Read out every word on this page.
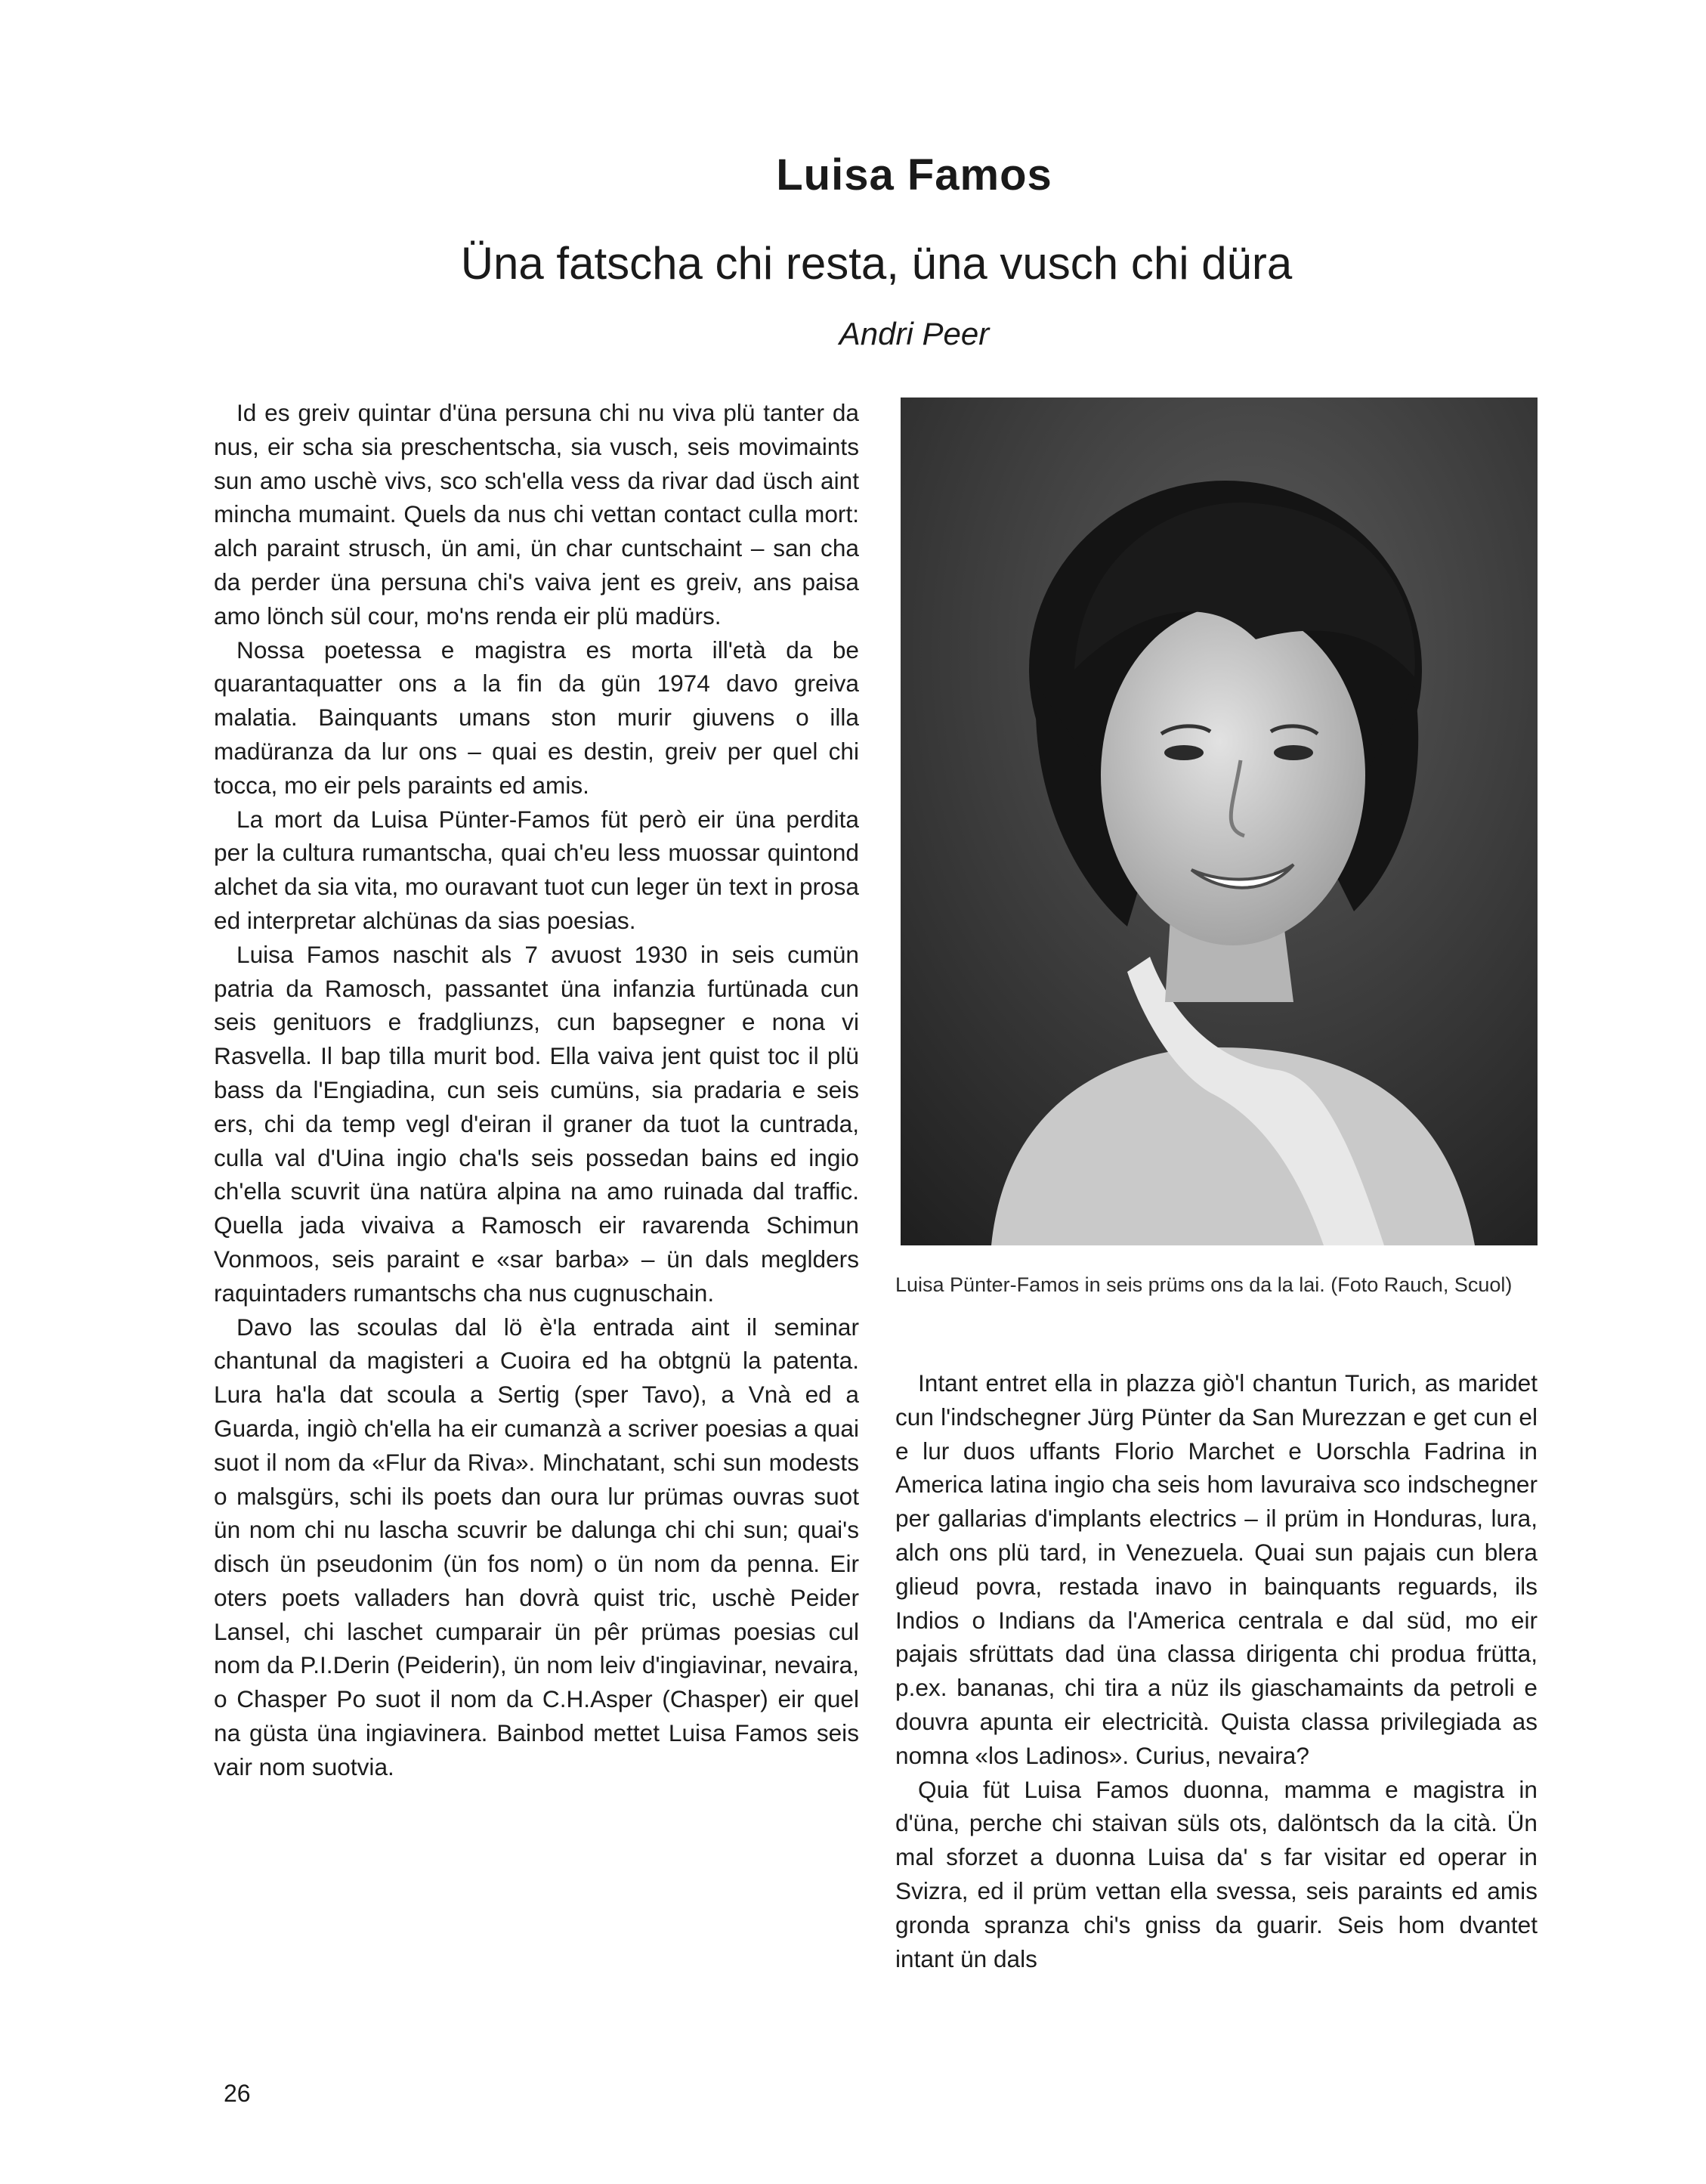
Luisa Famos
Üna fatscha chi resta, üna vusch chi düra
Andri Peer

Id es greiv quintar d'üna persuna chi nu viva plü tanter da nus, eir scha sia preschentscha, sia vusch, seis movimaints sun amo uschè vivs, sco sch'ella vess da rivar dad üsch aint mincha mumaint. Quels da nus chi vettan contact culla mort: alch paraint strusch, ün ami, ün char cuntschaint – san cha da perder üna persuna chi's vaiva jent es greiv, ans paisa amo lönch sül cour, mo'ns renda eir plü madürs.

Nossa poetessa e magistra es morta ill'età da be quarantaquatter ons a la fin da gün 1974 davo greiva malatia. Bainquants umans ston murir giuvens o illa madüranza da lur ons – quai es destin, greiv per quel chi tocca, mo eir pels paraints ed amis.

La mort da Luisa Pünter-Famos füt però eir üna perdita per la cultura rumantscha, quai ch'eu less muossar quintond alchet da sia vita, mo ouravant tuot cun leger ün text in prosa ed interpretar alchünas da sias poesias.

Luisa Famos naschit als 7 avuost 1930 in seis cumün patria da Ramosch, passantet üna infanzia furtünada cun seis genituors e fradgliunzs, cun bapsegner e nona vi Rasvella. Il bap tilla murit bod. Ella vaiva jent quist toc il plü bass da l'Engiadina, cun seis cumüns, sia pradaria e seis ers, chi da temp vegl d'eiran il graner da tuot la cuntrada, culla val d'Uina ingio cha'ls seis possedan bains ed ingio ch'ella scuvrit üna natüra alpina na amo ruinada dal traffic. Quella jada vivaiva a Ramosch eir ravarenda Schimun Vonmoos, seis paraint e «sar barba» – ün dals meglders raquintaders rumantschs cha nus cugnuschain.

Davo las scoulas dal lö è'la entrada aint il seminar chantunal da magisteri a Cuoira ed ha obtgnü la patenta. Lura ha'la dat scoula a Sertig (sper Tavo), a Vnà ed a Guarda, ingiò ch'ella ha eir cumanzà a scriver poesias a quai suot il nom da «Flur da Riva». Minchatant, schi sun modests o malsgürs, schi ils poets dan oura lur prümas ouvras suot ün nom chi nu lascha scuvrir be dalunga chi chi sun; quai's disch ün pseudonim (ün fos nom) o ün nom da penna. Eir oters poets valladers han dovrà quist tric, uschè Peider Lansel, chi laschet cumparair ün pêr prümas poesias cul nom da P.I.Derin (Peiderin), ün nom leiv d'ingiavinar, nevaira, o Chasper Po suot il nom da C.H.Asper (Chasper) eir quel na güsta üna ingiavinera. Bainbod mettet Luisa Famos seis vair nom suotvia.

Luisa Pünter-Famos in seis prüms ons da la lai. (Foto Rauch, Scuol)

Intant entret ella in plazza giò'l chantun Turich, as maridet cun l'indschegner Jürg Pünter da San Murezzan e get cun el e lur duos uffants Florio Marchet e Uorschla Fadrina in America latina ingio cha seis hom lavuraiva sco indschegner per gallarias d'implants electrics – il prüm in Honduras, lura, alch ons plü tard, in Venezuela. Quai sun pajais cun blera glieud povra, restada inavo in bainquants reguards, ils Indios o Indians da l'America centrala e dal süd, mo eir pajais sfrüttats dad üna classa dirigenta chi produa frütta, p.ex. bananas, chi tira a nüz ils giaschamaints da petroli e douvra apunta eir electricità. Quista classa privilegiada as nomna «los Ladinos». Curius, nevaira?

Quia füt Luisa Famos duonna, mamma e magistra in d'üna, perche chi staivan süls ots, dalöntsch da la cità. Ün mal sforzet a duonna Luisa da' s far visitar ed operar in Svizra, ed il prüm vettan ella svessa, seis paraints ed amis gronda spranza chi's gniss da guarir. Seis hom dvantet intant ün dals

26
